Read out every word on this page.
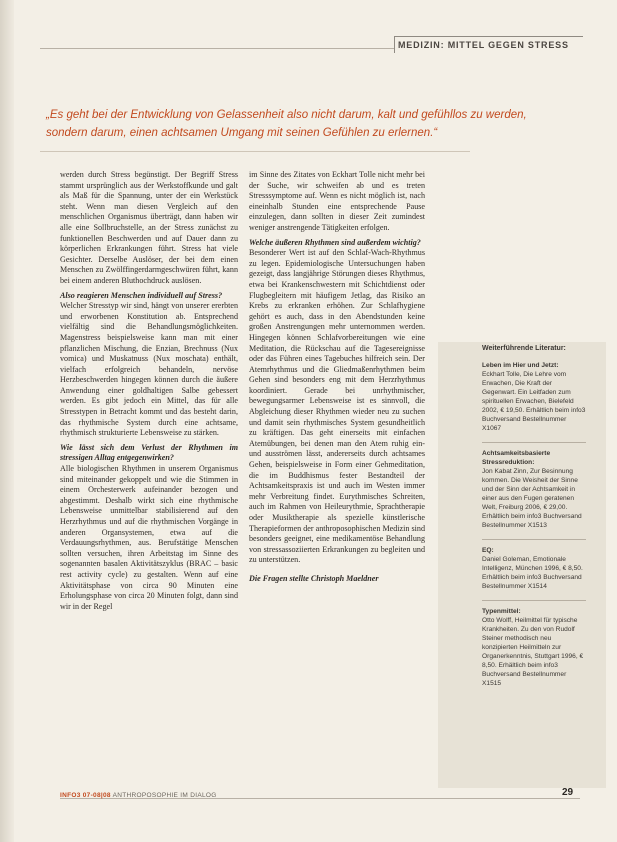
MEDIZIN: MITTEL GEGEN STRESS
„Es geht bei der Entwicklung von Gelassenheit also nicht darum, kalt und gefühllos zu werden, sondern darum, einen achtsamen Umgang mit seinen Gefühlen zu erlernen.“

werden durch Stress begünstigt. Der Begriff Stress stammt ursprünglich aus der Werkstoffkunde und galt als Maß für die Spannung, unter der ein Werkstück steht. Wenn man diesen Vergleich auf den menschlichen Organismus überträgt, dann haben wir alle eine Sollbruchstelle, an der Stress zunächst zu funktionellen Beschwerden und auf Dauer dann zu körperlichen Erkrankungen führt. Stress hat viele Gesichter. Derselbe Auslöser, der bei dem einen Menschen zu Zwölffingerdarmgeschwüren führt, kann bei einem anderen Bluthochdruck auslösen.

Also reagieren Menschen individuell auf Stress?

Welcher Stresstyp wir sind, hängt von unserer ererbten und erworbenen Konstitution ab. Entsprechend vielfältig sind die Behandlungsmöglichkeiten. Magenstress beispielsweise kann man mit einer pflanzlichen Mischung, die Enzian, Brechnuss (Nux vomica) und Muskatnuss (Nux moschata) enthält, vielfach erfolgreich behandeln, nervöse Herzbeschwerden hingegen können durch die äußere Anwendung einer goldhaltigen Salbe gebessert werden. Es gibt jedoch ein Mittel, das für alle Stresstypen in Betracht kommt und das besteht darin, das rhythmische System durch eine achtsame, rhythmisch strukturierte Lebensweise zu stärken.

Wie lässt sich dem Verlust der Rhythmen im stressigen Alltag entgegenwirken?

Alle biologischen Rhythmen in unserem Organismus sind miteinander gekoppelt und wie die Stimmen in einem Orchesterwerk aufeinander bezogen und abgestimmt. Deshalb wirkt sich eine rhythmische Lebensweise unmittelbar stabilisierend auf den Herzrhythmus und auf die rhythmischen Vorgänge in anderen Organsystemen, etwa auf die Verdauungsrhythmen, aus. Berufstätige Menschen sollten versuchen, ihren Arbeitstag im Sinne des sogenannten basalen Aktivitätszyklus (BRAC – basic rest activity cycle) zu gestalten. Wenn auf eine Aktivitätsphase von circa 90 Minuten eine Erholungsphase von circa 20 Minuten folgt, dann sind wir in der Regel

im Sinne des Zitates von Eckhart Tolle nicht mehr bei der Suche, wir schweifen ab und es treten Stresssymptome auf. Wenn es nicht möglich ist, nach eineinhalb Stunden eine entsprechende Pause einzulegen, dann sollten in dieser Zeit zumindest weniger anstrengende Tätigkeiten erfolgen.

Welche äußeren Rhythmen sind außerdem wichtig?

Besonderer Wert ist auf den Schlaf-Wach-Rhythmus zu legen. Epidemiologische Untersuchungen haben gezeigt, dass langjährige Störungen dieses Rhythmus, etwa bei Krankenschwestern mit Schichtdienst oder Flugbegleitern mit häufigem Jetlag, das Risiko an Krebs zu erkranken erhöhen. Zur Schlafhygiene gehört es auch, dass in den Abendstunden keine großen Anstrengungen mehr unternommen werden. Hingegen können Schlafvorbereitungen wie eine Meditation, die Rückschau auf die Tagesereignisse oder das Führen eines Tagebuches hilfreich sein. Der Atemrhythmus und die Gliedmaßenrhythmen beim Gehen sind besonders eng mit dem Herzrhythmus koordiniert. Gerade bei unrhythmischer, bewegungsarmer Lebensweise ist es sinnvoll, die Abgleichung dieser Rhythmen wieder neu zu suchen und damit sein rhythmisches System gesundheitlich zu kräftigen. Das geht einerseits mit einfachen Atemübungen, bei denen man den Atem ruhig ein- und ausströmen lässt, andererseits durch achtsames Gehen, beispielsweise in Form einer Gehmeditation, die im Buddhismus fester Bestandteil der Achtsamkeitspraxis ist und auch im Westen immer mehr Verbreitung findet. Eurythmisches Schreiten, auch im Rahmen von Heileurythmie, Sprachtherapie oder Musiktherapie als spezielle künstlerische Therapieformen der anthroposophischen Medizin sind besonders geeignet, eine medikamentöse Behandlung von stressassoziierten Erkrankungen zu begleiten und zu unterstützen.

Die Fragen stellte Christoph Maeldner

Weiterführende Literatur:
Leben im Hier und Jetzt:
Eckhart Tolle, Die Lehre vom Erwachen, Die Kraft der Gegenwart. Ein Leitfaden zum spirituellen Erwachen, Bielefeld 2002, € 19,50. Erhältlich beim info3 Buchversand Bestellnummer X1067
Achtsamkeitsbasierte Stressreduktion:
Jon Kabat Zinn, Zur Besinnung kommen. Die Weisheit der Sinne und der Sinn der Achtsamkeit in einer aus den Fugen geratenen Welt, Freiburg 2006, € 29,00. Erhältlich beim info3 Buchversand Bestellnummer X1513
EQ:
Daniel Goleman, Emotionale Intelligenz, München 1996, € 8,50. Erhältlich beim info3 Buchversand Bestellnummer X1514
Typenmittel:
Otto Wolff, Heilmittel für typische Krankheiten. Zu den von Rudolf Steiner methodisch neu konzipierten Heilmitteln zur Organerkenntnis, Stuttgart 1996, € 8,50. Erhältlich beim info3 Buchversand Bestellnummer X1515
INFO3 07-08|08 ANTHROPOSOPHIE IM DIALOG	29
